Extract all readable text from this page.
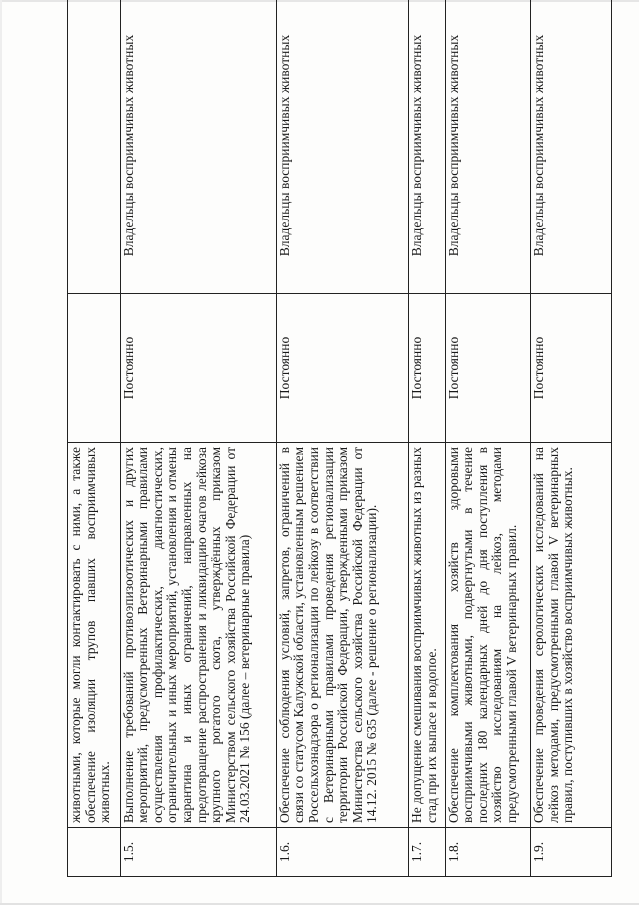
	животными, которые могли контактировать с ними, а также обеспечение изоляции трупов павших восприимчивых животных.		

1.5.	Выполнение требований противоэпизоотических и других мероприятий, предусмотренных Ветеринарными правилами осуществления профилактических, диагностических, ограничительных и иных мероприятий, установления и отмены карантина и иных ограничений, направленных на предотвращение распространения и ликвидацию очагов лейкоза крупного рогатого скота, утверждённых приказом Министерством сельского хозяйства Российской Федерации от 24.03.2021 № 156 (далее – ветеринарные правила)	Постоянно	Владельцы восприимчивых животных
1.6.	Обеспечение соблюдения условий, запретов, ограничений в связи со статусом Калужской области, установленным решением Россельхознадзора о регионализации по лейкозу в соответствии с Ветеринарными правилами проведения регионализации территории Российской Федерации, утвержденными приказом Министерства сельского хозяйства Российской Федерации от 14.12. 2015 № 635 (далее - решение о регионализации).	Постоянно	Владельцы восприимчивых животных
1.7.	Не допущение смешивания восприимчивых животных из разных стад при их выпасе и водопое.	Постоянно	Владельцы восприимчивых животных
1.8.	Обеспечение комплектования хозяйств здоровыми восприимчивыми животными, подвергнутыми в течение последних 180 календарных дней до дня поступления в хозяйство исследованиям на лейкоз, методами предусмотренными главой V ветеринарных правил.	Постоянно	Владельцы восприимчивых животных
1.9.	Обеспечение проведения серологических исследований на лейкоз методами, предусмотренными главой V ветеринарных правил, поступивших в хозяйство восприимчивых животных.	Постоянно	Владельцы восприимчивых животных
